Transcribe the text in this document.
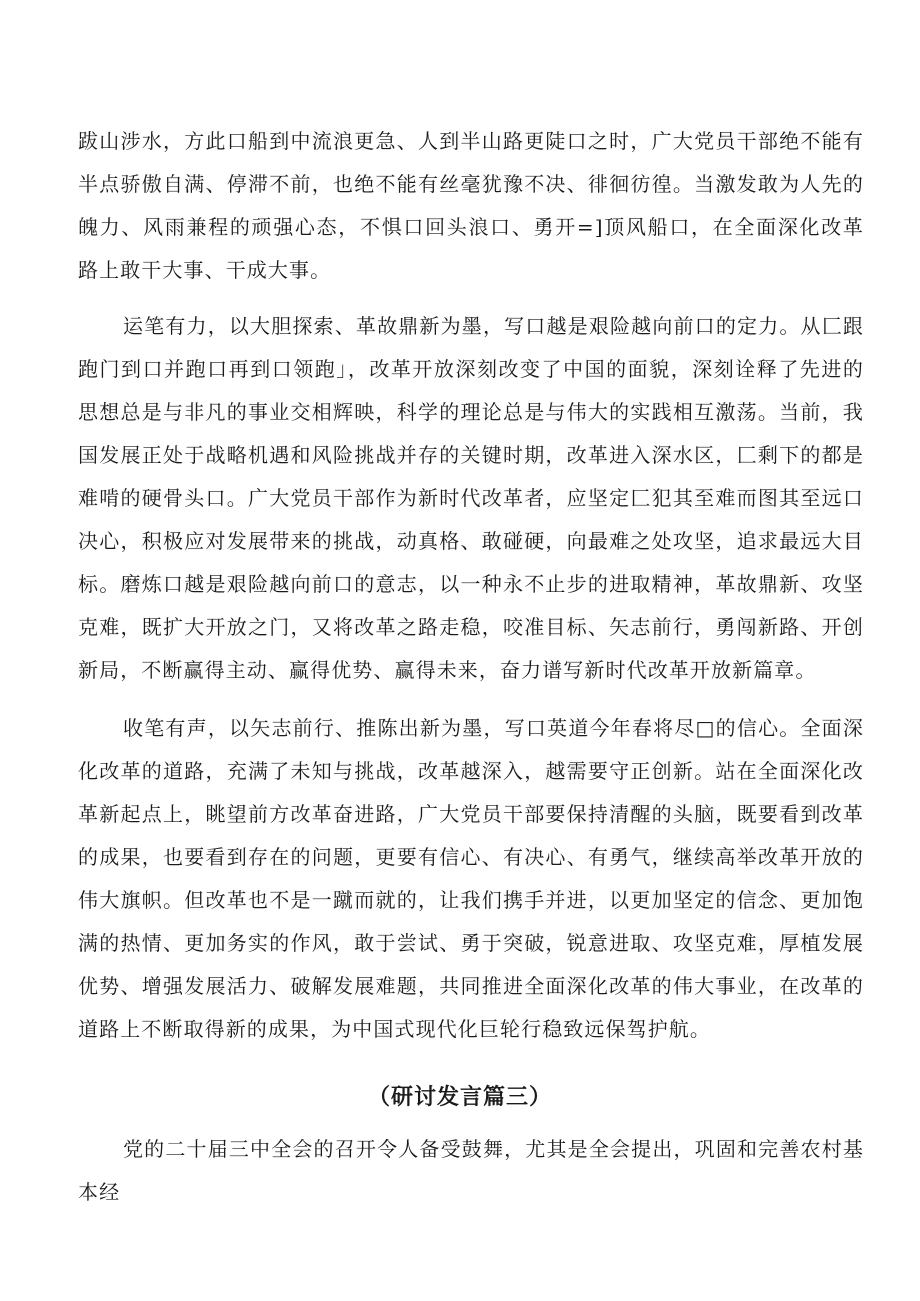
跋山涉水，方此口船到中流浪更急、人到半山路更陡口之时，广大党员干部绝不能有半点骄傲自满、停滞不前，也绝不能有丝毫犹豫不决、徘徊彷徨。当激发敢为人先的魄力、风雨兼程的顽强心态，不惧口回头浪口、勇开=]顶风船口，在全面深化改革路上敢干大事、干成大事。

运笔有力，以大胆探索、革故鼎新为墨，写口越是艰险越向前口的定力。从匚跟跑门到口并跑口再到口领跑」，改革开放深刻改变了中国的面貌，深刻诠释了先进的思想总是与非凡的事业交相辉映，科学的理论总是与伟大的实践相互激荡。当前，我国发展正处于战略机遇和风险挑战并存的关键时期，改革进入深水区，匚剩下的都是难啃的硬骨头口。广大党员干部作为新时代改革者，应坚定匚犯其至难而图其至远口决心，积极应对发展带来的挑战，动真格、敢碰硬，向最难之处攻坚，追求最远大目标。磨炼口越是艰险越向前口的意志，以一种永不止步的进取精神，革故鼎新、攻坚克难，既扩大开放之门，又将改革之路走稳，咬准目标、矢志前行，勇闯新路、开创新局，不断赢得主动、赢得优势、赢得未来，奋力谱写新时代改革开放新篇章。

收笔有声，以矢志前行、推陈出新为墨，写口英道今年春将尽□的信心。全面深化改革的道路，充满了未知与挑战，改革越深入，越需要守正创新。站在全面深化改革新起点上，眺望前方改革奋进路，广大党员干部要保持清醒的头脑，既要看到改革的成果，也要看到存在的问题，更要有信心、有决心、有勇气，继续高举改革开放的伟大旗帜。但改革也不是一蹴而就的，让我们携手并进，以更加坚定的信念、更加饱满的热情、更加务实的作风，敢于尝试、勇于突破，锐意进取、攻坚克难，厚植发展优势、增强发展活力、破解发展难题，共同推进全面深化改革的伟大事业，在改革的道路上不断取得新的成果，为中国式现代化巨轮行稳致远保驾护航。

（研讨发言篇三）

党的二十届三中全会的召开令人备受鼓舞，尤其是全会提出，巩固和完善农村基本经
